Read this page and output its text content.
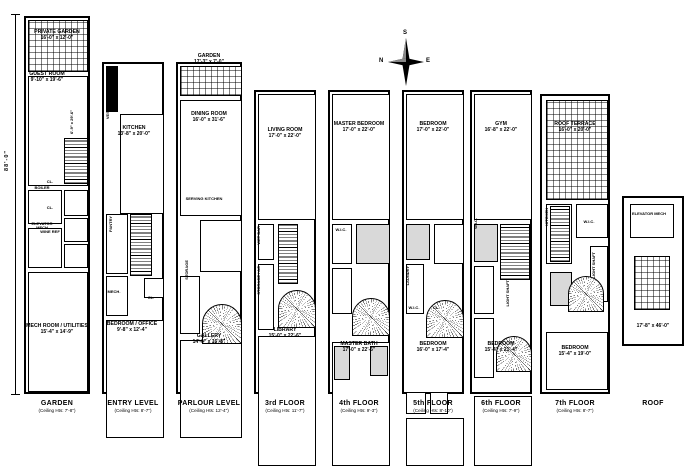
88'-0"
S
N	E
PRIVATE GARDEN
16'-0" x 12'-0"
GUEST ROOM
9'-10" x 19'-6"
6'-9" x 29'-6"
BOILER
ELEVATOR MECH
CL.
CL.
WINE REF
MECH ROOM / UTILITIES
15'-4" x 14'-9"
VEST.
KITCHEN
13'-8" x 20'-0"
PANTRY
MECH.
CL.
BEDROOM / OFFICE
9'-8" x 12'-4"
GARDEN
17'-3" x 7'-0"
DINING ROOM
16'-0" x 31'-6"
SERVING KITCHEN
STORAGE
GALLERY
14'-0" x 16'-8"
LIVING ROOM
17'-0" x 22'-0"
WET BAR
STORAGE / AC
LIBRARY
15'-0" x 22'-6"
MASTER BEDROOM
17'-0" x 22'-0"
W.I.C.
MASTER BATH
17'-0" x 22'-6"
BEDROOM
17'-0" x 22'-0"
LAUNDRY
W.I.C.	CL.
BEDROOM
16'-0" x 17'-4"
GYM
16'-8" x 22'-0"
W.I.C.
LIGHT SHAFT
BEDROOM
15'-4" x 21'-4"
ROOF TERRACE
16'-0" x 20'-0"
KITCHEN	W.I.C.
LIGHT SHAFT
BEDROOM
15'-4" x 19'-0"
ELEVATOR MECH
17'-8" x 46'-0"
GARDEN
(Ceiling Hts: 7'-8")
ENTRY LEVEL
(Ceiling Hts: 8'-7")
PARLOUR LEVEL
(Ceiling Hts: 12'-4")
3rd FLOOR
(Ceiling Hts: 11'-7")
4th FLOOR
(Ceiling Hts: 9'-3")
5th FLOOR
(Ceiling Hts: 8'-10")
6th FLOOR
(Ceiling Hts: 7'-9")
7th FLOOR
(Ceiling Hts: 8'-7")
ROOF
